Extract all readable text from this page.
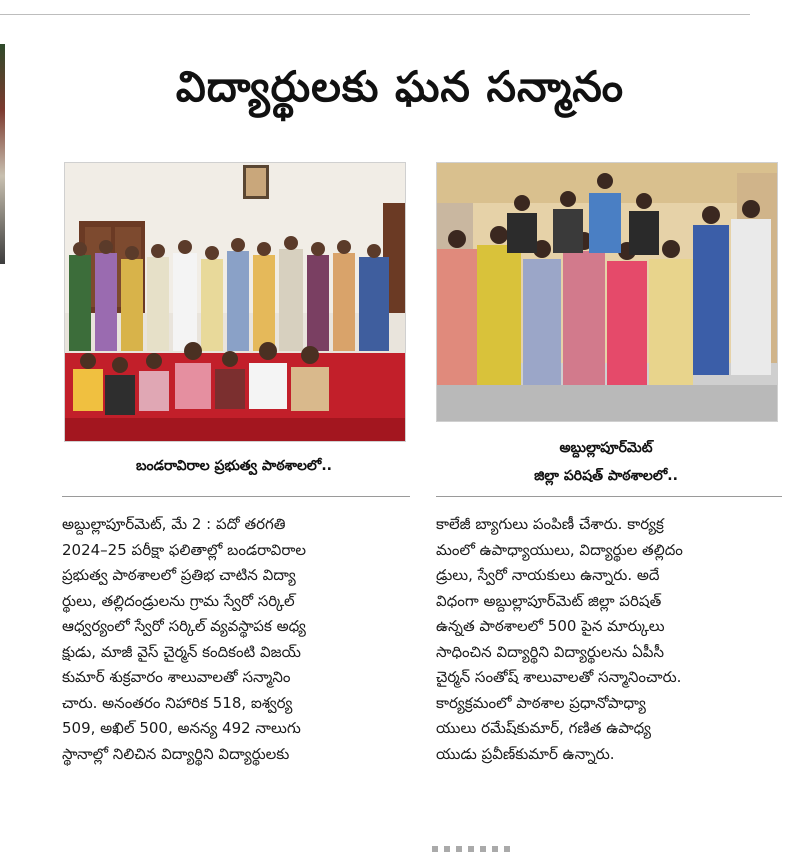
విద్యార్థులకు ఘన సన్మానం
బండరావిరాల ప్రభుత్వ పాఠశాలలో..
అబ్దుల్లాపూర్‌మెట్
జిల్లా పరిషత్ పాఠశాలలో..
అబ్దుల్లాపూర్‌మెట్, మే 2 : పదో తరగతి
2024–25 పరీక్షా ఫలితాల్లో బండరావిరాల
ప్రభుత్వ పాఠశాలలో ప్రతిభ చాటిన విద్యా
ర్థులు, తల్లిదండ్రులను గ్రామ స్వేరో సర్కిల్
ఆధ్వర్యంలో స్వేరో సర్కిల్ వ్యవస్థాపక అధ్య
క్షుడు, మాజీ వైస్ చైర్మన్ కందికంటి విజయ్
కుమార్ శుక్రవారం శాలువాలతో సన్మానిం
చారు. అనంతరం నిహారిక 518, ఐశ్వర్య
509, అఖిల్ 500, అనన్య 492 నాలుగు
స్థానాల్లో నిలిచిన విద్యార్థిని విద్యార్థులకు
కాలేజీ బ్యాగులు పంపిణీ చేశారు. కార్యక్ర
మంలో ఉపాధ్యాయులు, విద్యార్థుల తల్లిదం
డ్రులు, స్వేరో నాయకులు ఉన్నారు. అదే
విధంగా అబ్దుల్లాపూర్‌మెట్ జిల్లా పరిషత్
ఉన్నత పాఠశాలలో 500 పైన మార్కులు
సాధించిన విద్యార్థిని విద్యార్థులను ఏపీసీ
చైర్మన్ సంతోష్ శాలువాలతో సన్మానించారు.
కార్యక్రమంలో పాఠశాల ప్రధానోపాధ్యా
యులు రమేష్‌కుమార్, గణిత ఉపాధ్య
యుడు ప్రవీణ్‌కుమార్ ఉన్నారు.
